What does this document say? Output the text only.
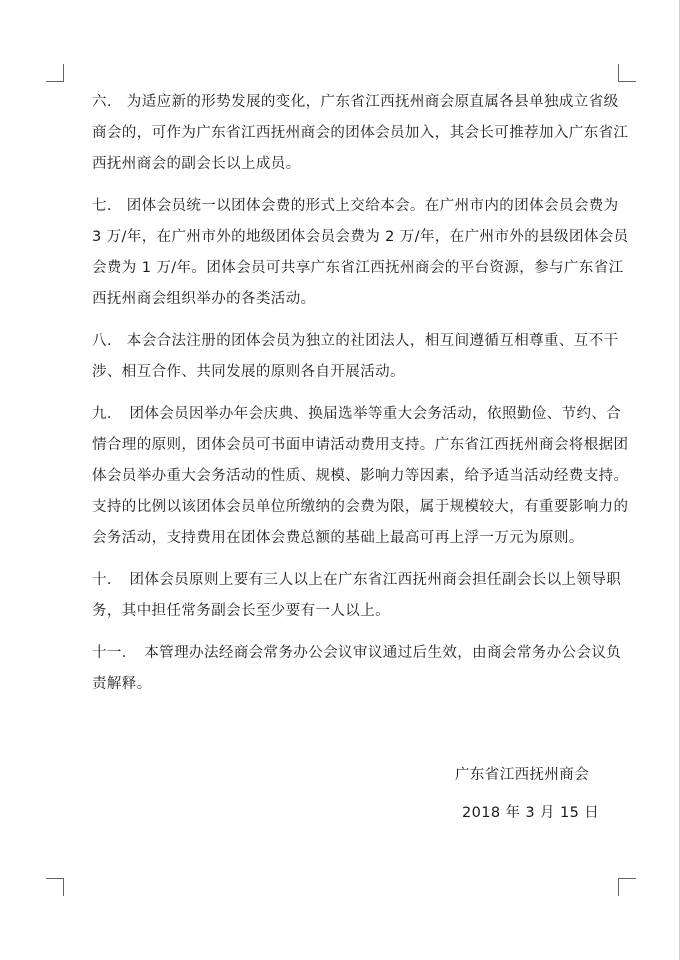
六.　为适应新的形势发展的变化，广东省江西抚州商会原直属各县单独成立省级商会的，可作为广东省江西抚州商会的团体会员加入，其会长可推荐加入广东省江西抚州商会的副会长以上成员。

七.　团体会员统一以团体会费的形式上交给本会。在广州市内的团体会员会费为 3 万/年，在广州市外的地级团体会员会费为 2 万/年，在广州市外的县级团体会员会费为 1 万/年。团体会员可共享广东省江西抚州商会的平台资源，参与广东省江西抚州商会组织举办的各类活动。

八.　本会合法注册的团体会员为独立的社团法人，相互间遵循互相尊重、互不干涉、相互合作、共同发展的原则各自开展活动。

九．　团体会员因举办年会庆典、换届选举等重大会务活动，依照勤俭、节约、合情合理的原则，团体会员可书面申请活动费用支持。广东省江西抚州商会将根据团体会员举办重大会务活动的性质、规模、影响力等因素，给予适当活动经费支持。支持的比例以该团体会员单位所缴纳的会费为限，属于规模较大，有重要影响力的会务活动，支持费用在团体会费总额的基础上最高可再上浮一万元为原则。

十．　团体会员原则上要有三人以上在广东省江西抚州商会担任副会长以上领导职务，其中担任常务副会长至少要有一人以上。

十一．　本管理办法经商会常务办公会议审议通过后生效，由商会常务办公会议负责解释。

广东省江西抚州商会
2018 年 3 月 15 日
